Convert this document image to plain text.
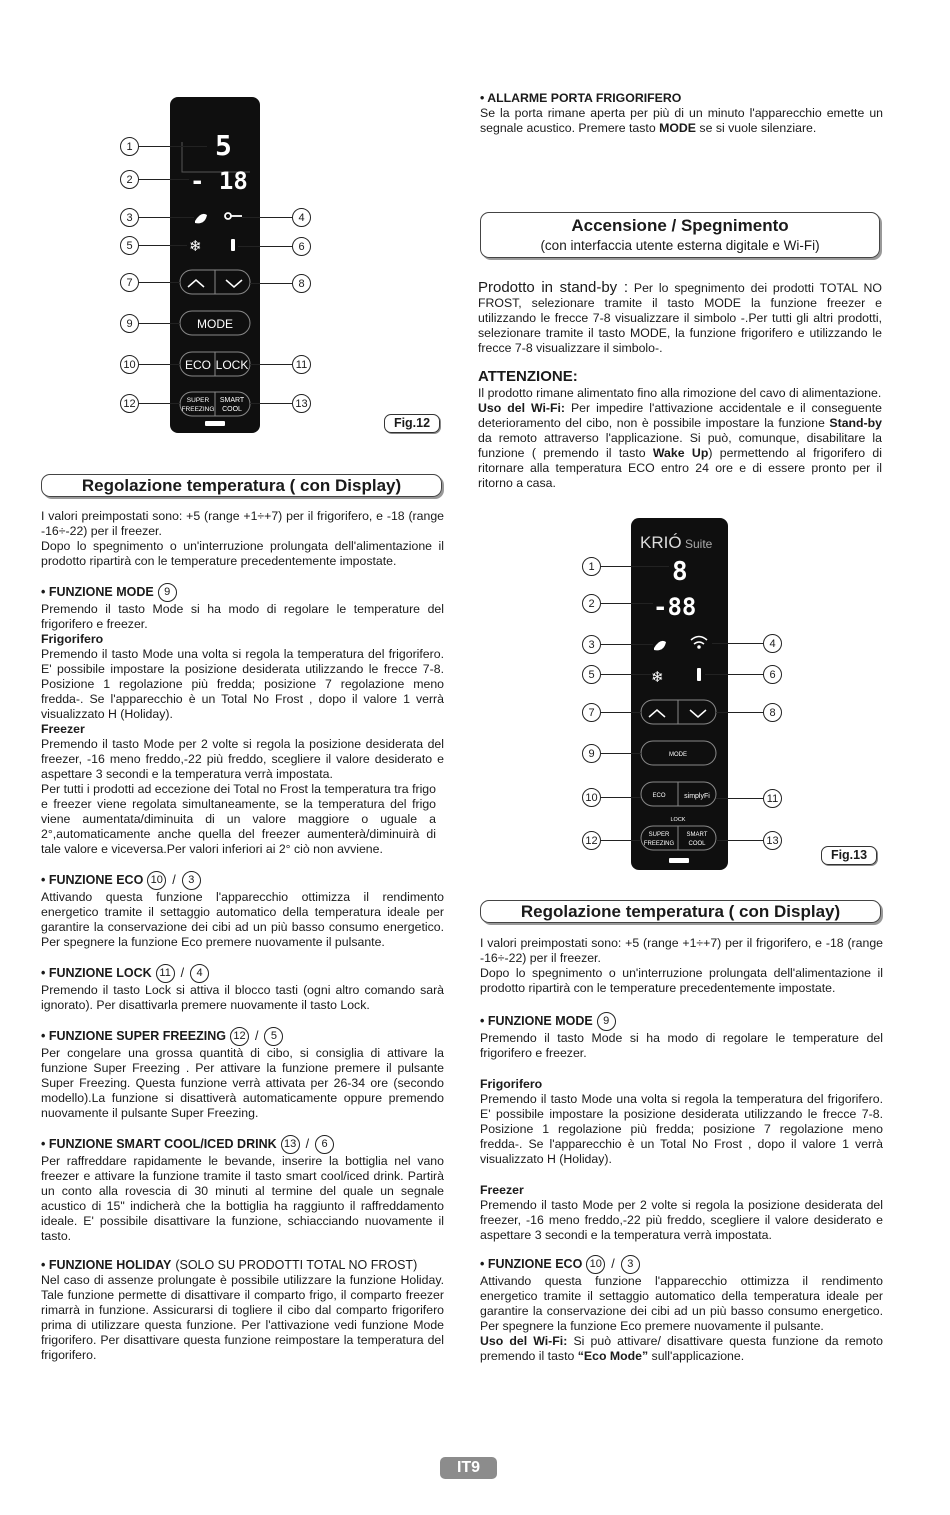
5
- 18
❄
MODE
ECO LOCK
SUPER
FREEZING
SMART
COOL
1
2
3	4
5	6
7	8
9
10	11
12	13
Fig.12
Regolazione temperatura ( con Display)

I valori preimpostati sono: +5 (range +1÷+7) per il frigorifero, e -18 (range -16÷-22) per il freezer.

Dopo lo spegnimento o un'interruzione prolungata dell'alimentazione il prodotto ripartirà con le temperature precedentemente impostate.

• FUNZIONE MODE 9

Premendo il tasto Mode si ha modo di regolare le temperature del frigorifero e freezer.

Frigorifero

Premendo il tasto Mode una volta si regola la temperatura del frigorifero. E' possibile impostare la posizione desiderata utilizzando le frecce 7-8. Posizione 1 regolazione più fredda; posizione 7 regolazione meno fredda-. Se l'apparecchio è un Total No Frost , dopo il valore 1 verrà visualizzato H (Holiday).

Freezer

Premendo il tasto Mode per 2 volte si regola la posizione desiderata del freezer, -16 meno freddo,-22 più freddo, scegliere il valore desiderato e aspettare 3 secondi e la temperatura verrà impostata.

Per tutti i prodotti ad eccezione dei Total no Frost la temperatura tra frigo e freezer viene regolata simultaneamente, se la temperatura del frigo viene aumentata/diminuita di un valore maggiore o uguale a 2°,automaticamente anche quella del freezer aumenterà/diminuirà di tale valore e viceversa.Per valori inferiori ai 2° ciò non avviene.

• FUNZIONE ECO 10 /	3

Attivando questa funzione l'apparecchio ottimizza il rendimento energetico tramite il settaggio automatico della temperatura ideale per garantire la conservazione dei cibi ad un più basso consumo energetico. Per spegnere la funzione Eco premere nuovamente il pulsante.

• FUNZIONE LOCK 11 /	4

Premendo il tasto Lock si attiva il blocco tasti (ogni altro comando sarà ignorato). Per disattivarla premere nuovamente il tasto Lock.

• FUNZIONE SUPER FREEZING 12 /	5

Per congelare una grossa quantità di cibo, si consiglia di attivare la funzione Super Freezing . Per attivare la funzione premere il pulsante Super Freezing. Questa funzione verrà attivata per 26-34 ore (secondo modello).La funzione si disattiverà automaticamente oppure premendo nuovamente il pulsante Super Freezing.

• FUNZIONE SMART COOL/ICED DRINK 13 /	6

Per raffreddare rapidamente le bevande, inserire la bottiglia nel vano freezer e attivare la funzione tramite il tasto smart cool/iced drink. Partirà un conto alla rovescia di 30 minuti al termine del quale un segnale acustico di 15" indicherà che la bottiglia ha raggiunto il raffreddamento ideale. E' possibile disattivare la funzione, schiacciando nuovamente il tasto.

• FUNZIONE HOLIDAY (SOLO SU PRODOTTI TOTAL NO FROST)

Nel caso di assenze prolungate è possibile utilizzare la funzione Holiday. Tale funzione permette di disattivare il comparto frigo, il comparto freezer rimarrà in funzione. Assicurarsi di togliere il cibo dal comparto frigorifero prima di utilizzare questa funzione. Per l'attivazione vedi funzione Mode frigorifero. Per disattivare questa funzione reimpostare la temperatura del frigorifero.

• ALLARME PORTA FRIGORIFERO

Se la porta rimane aperta per più di un minuto l'apparecchio emette un segnale acustico. Premere tasto MODE se si vuole silenziare.

Accensione / Spegnimento
(con interfaccia utente esterna digitale e Wi-Fi)

Prodotto in stand-by : Per lo spegnimento dei prodotti TOTAL NO FROST, selezionare tramite il tasto MODE la funzione freezer e utilizzando le frecce 7-8 visualizzare il simbolo -.Per tutti gli altri prodotti, selezionare tramite il tasto MODE, la funzione frigorifero e utilizzando le frecce 7-8 visualizzare il simbolo-.

ATTENZIONE:

Il prodotto rimane alimentato fino alla rimozione del cavo di alimentazione.

Uso del Wi-Fi: Per impedire l'attivazione accidentale e il conseguente deterioramento del cibo, non è possibile impostare la funzione Stand-by da remoto attraverso l'applicazione. Si può, comunque, disabilitare la funzione ( premendo il tasto Wake Up) permettendo al frigorifero di ritornare alla temperatura ECO entro 24 ore e di essere pronto per il ritorno a casa.

KRIÓ Suite
8
-88
❄
MODE
ECO	simplyFi
LOCK
SUPER
FREEZING
SMART
COOL
1
2
3	4
5	6
7	8
9
10	11
12	13
Fig.13
Regolazione temperatura ( con Display)

I valori preimpostati sono: +5 (range +1÷+7) per il frigorifero, e -18 (range -16÷-22) per il freezer.

Dopo lo spegnimento o un'interruzione prolungata dell'alimentazione il prodotto ripartirà con le temperature precedentemente impostate.

• FUNZIONE MODE 9

Premendo il tasto Mode si ha modo di regolare le temperature del frigorifero e freezer.

Frigorifero

Premendo il tasto Mode una volta si regola la temperatura del frigorifero. E' possibile impostare la posizione desiderata utilizzando le frecce 7-8. Posizione 1 regolazione più fredda; posizione 7 regolazione meno fredda-. Se l'apparecchio è un Total No Frost , dopo il valore 1 verrà visualizzato H (Holiday).

Freezer

Premendo il tasto Mode per 2 volte si regola la posizione desiderata del freezer, -16 meno freddo,-22 più freddo, scegliere il valore desiderato e aspettare 3 secondi e la temperatura verrà impostata.

• FUNZIONE ECO 10 /	3

Attivando questa funzione l'apparecchio ottimizza il rendimento energetico tramite il settaggio automatico della temperatura ideale per garantire la conservazione dei cibi ad un più basso consumo energetico. Per spegnere la funzione Eco premere nuovamente il pulsante.

Uso del Wi-Fi: Si può attivare/ disattivare questa funzione da remoto premendo il tasto “Eco Mode” sull'applicazione.

IT9
